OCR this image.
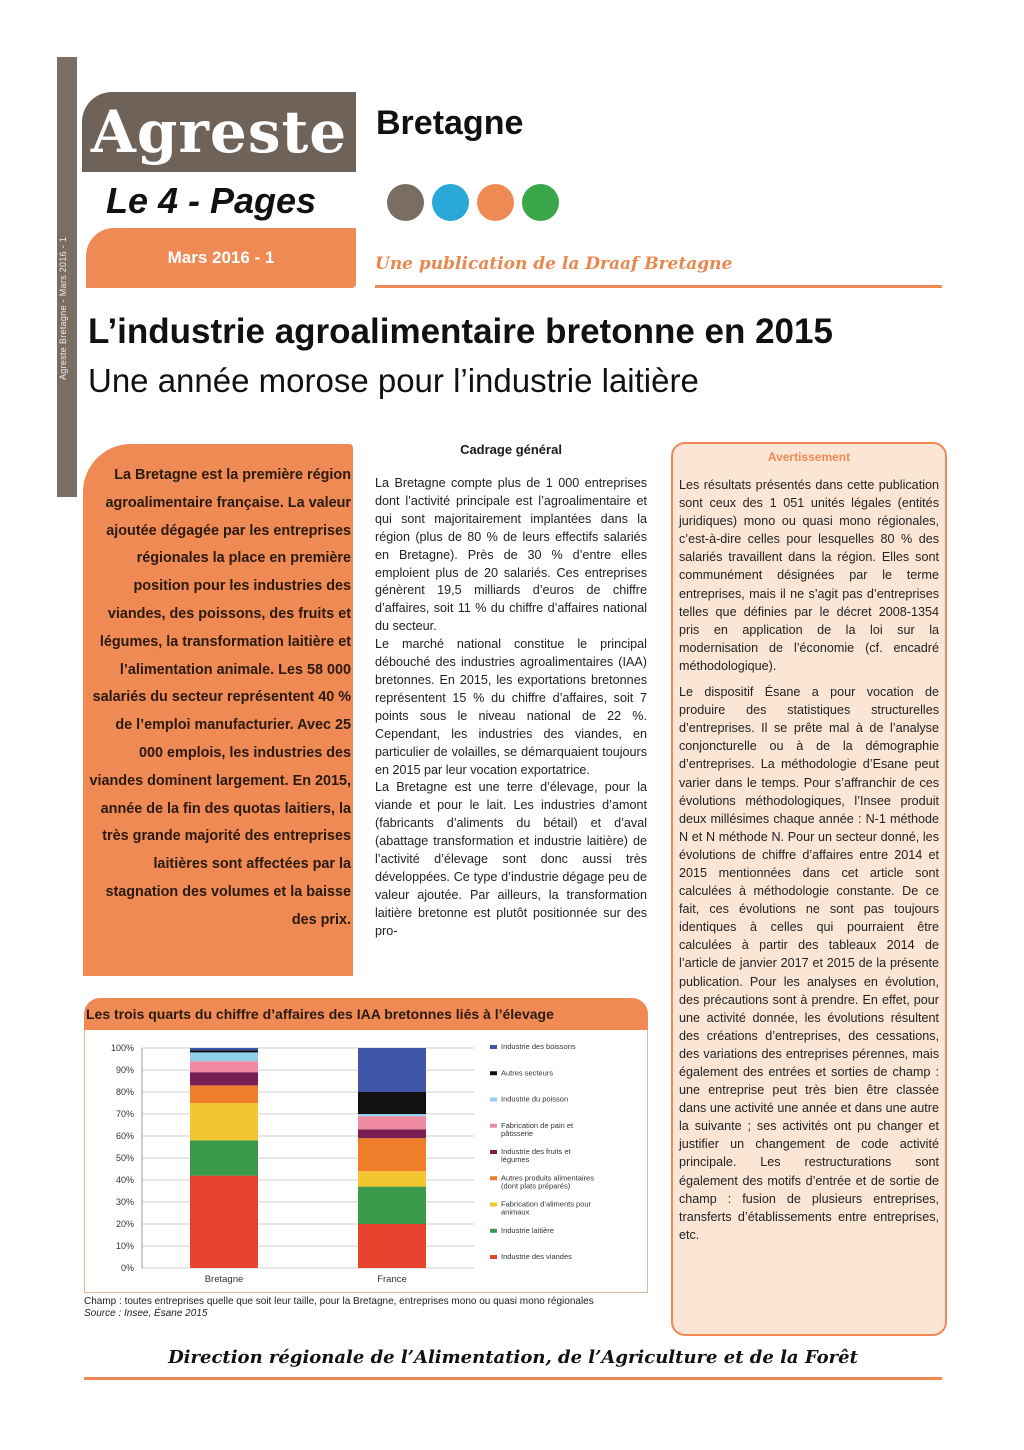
Agreste Bretagne
Le 4 - Pages
Mars 2016 - 1	Une publication de la Draaf Bretagne
L’industrie agroalimentaire bretonne en 2015
Une année morose pour l’industrie laitière
La Bretagne est la première région agroalimentaire française. La valeur ajoutée dégagée par les entreprises régionales la place en première position pour les industries des viandes, des poissons, des fruits et légumes, la transformation laitière et l’alimentation animale. Les 58 000 salariés du secteur représentent 40 % de l’emploi manufacturier. Avec 25 000 emplois, les industries des viandes dominent largement. En 2015, année de la fin des quotas laitiers, la très grande majorité des entreprises laitières sont affectées par la stagnation des volumes et la baisse des prix.
Cadrage général

La Bretagne compte plus de 1 000 entreprises dont l’activité principale est l’agroalimentaire et qui sont majoritairement implantées dans la région (plus de 80 % de leurs effectifs salariés en Bretagne). Près de 30 % d’entre elles emploient plus de 20 salariés. Ces entreprises génèrent 19,5 milliards d’euros de chiffre d’affaires, soit 11 % du chiffre d’affaires national du secteur.

Le marché national constitue le principal débouché des industries agroalimentaires (IAA) bretonnes. En 2015, les exportations bretonnes représentent 15 % du chiffre d’affaires, soit 7 points sous le niveau national de 22 %. Cependant, les industries des viandes, en particulier de volailles, se démarquaient toujours en 2015 par leur vocation exportatrice.

La Bretagne est une terre d’élevage, pour la viande et pour le lait. Les industries d’amont (fabricants d’aliments du bétail) et d’aval (abattage transformation et industrie laitière) de l’activité d’élevage sont donc aussi très développées. Ce type d’industrie dégage peu de valeur ajoutée. Par ailleurs, la transformation laitière bretonne est plutôt positionnée sur des pro-

Avertissement

Les résultats présentés dans cette publication sont ceux des 1 051 unités légales (entités juridiques) mono ou quasi mono régionales, c’est-à-dire celles pour lesquelles 80 % des salariés travaillent dans la région. Elles sont communément désignées par le terme entreprises, mais il ne s’agit pas d’entreprises telles que définies par le décret 2008-1354 pris en application de la loi sur la modernisation de l’économie (cf. encadré méthodologique).

Le dispositif Ésane a pour vocation de produire des statistiques structurelles d’entreprises. Il se prête mal à de l’analyse conjoncturelle ou à de la démographie d’entreprises. La méthodologie d’Esane peut varier dans le temps. Pour s’affranchir de ces évolutions méthodologiques, l’Insee produit deux millésimes chaque année : N-1 méthode N et N méthode N. Pour un secteur donné, les évolutions de chiffre d’affaires entre 2014 et 2015 mentionnées dans cet article sont calculées à méthodologie constante. De ce fait, ces évolutions ne sont pas toujours identiques à celles qui pourraient être calculées à partir des tableaux 2014 de l’article de janvier 2017 et 2015 de la présente publication. Pour les analyses en évolution, des précautions sont à prendre. En effet, pour une activité donnée, les évolutions résultent des créations d’entreprises, des cessations, des variations des entreprises pérennes, mais également des entrées et sorties de champ : une entreprise peut très bien être classée dans une activité une année et dans une autre la suivante ; ses activités ont pu changer et justifier un changement de code activité principale. Les restructurations sont également des motifs d’entrée et de sortie de champ : fusion de plusieurs entreprises, transferts d’établissements entre entreprises, etc.

Les trois quarts du chiffre d’affaires des IAA bretonnes liés à l’élevage
0%
10%
20%
30%
40%
50%
60%
70%
80%
90%
100%
Bretagne	France
Industrie des boissons
Autres secteurs
Industrie du poisson
Fabrication de pain et
pâtisserie
Industrie des fruits et
légumes
Autres produits alimentaires
(dont plats préparés)
Fabrication d’aliments pour
animaux
Industrie laitière
Industrie des viandes
Champ : toutes entreprises quelle que soit leur taille, pour la Bretagne, entreprises mono ou quasi mono régionales
Source : Insee, Ésane 2015
Direction régionale de l’Alimentation, de l’Agriculture et de la Forêt
